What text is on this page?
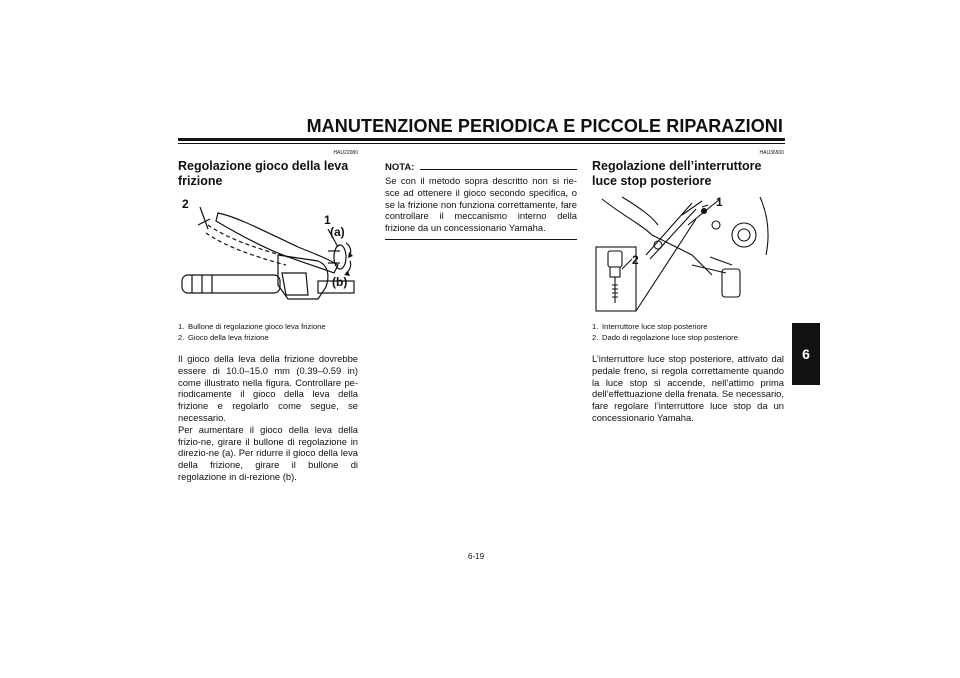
MANUTENZIONE PERIODICA E PICCOLE RIPARAZIONI
6
HAU22080
Regolazione gioco della leva frizione
2
1
(a)
(b)
1. Bullone di regolazione gioco leva frizione
2. Gioco della leva frizione
Il gioco della leva della frizione dovrebbe essere di 10.0–15.0 mm (0.39–0.59 in) come illustrato nella figura. Controllare pe-riodicamente il gioco della leva della frizione e regolarlo come segue, se necessario.
Per aumentare il gioco della leva della frizio-ne, girare il bullone di regolazione in direzio-ne (a). Per ridurre il gioco della leva della frizione, girare il bullone di regolazione in di-rezione (b).
NOTA:
Se con il metodo sopra descritto non si rie-sce ad ottenere il gioco secondo specifica, o se la frizione non funziona correttamente, fare controllare il meccanismo interno della frizione da un concessionario Yamaha.
HAU36500
Regolazione dell’interruttore luce stop posteriore
1
2
1. Interruttore luce stop posteriore
2. Dado di regolazione luce stop posteriore
L’interruttore luce stop posteriore, attivato dal pedale freno, si regola correttamente quando la luce stop si accende, nell’attimo prima dell’effettuazione della frenata. Se necessario, fare regolare l’interruttore luce stop da un concessionario Yamaha.
6-19
